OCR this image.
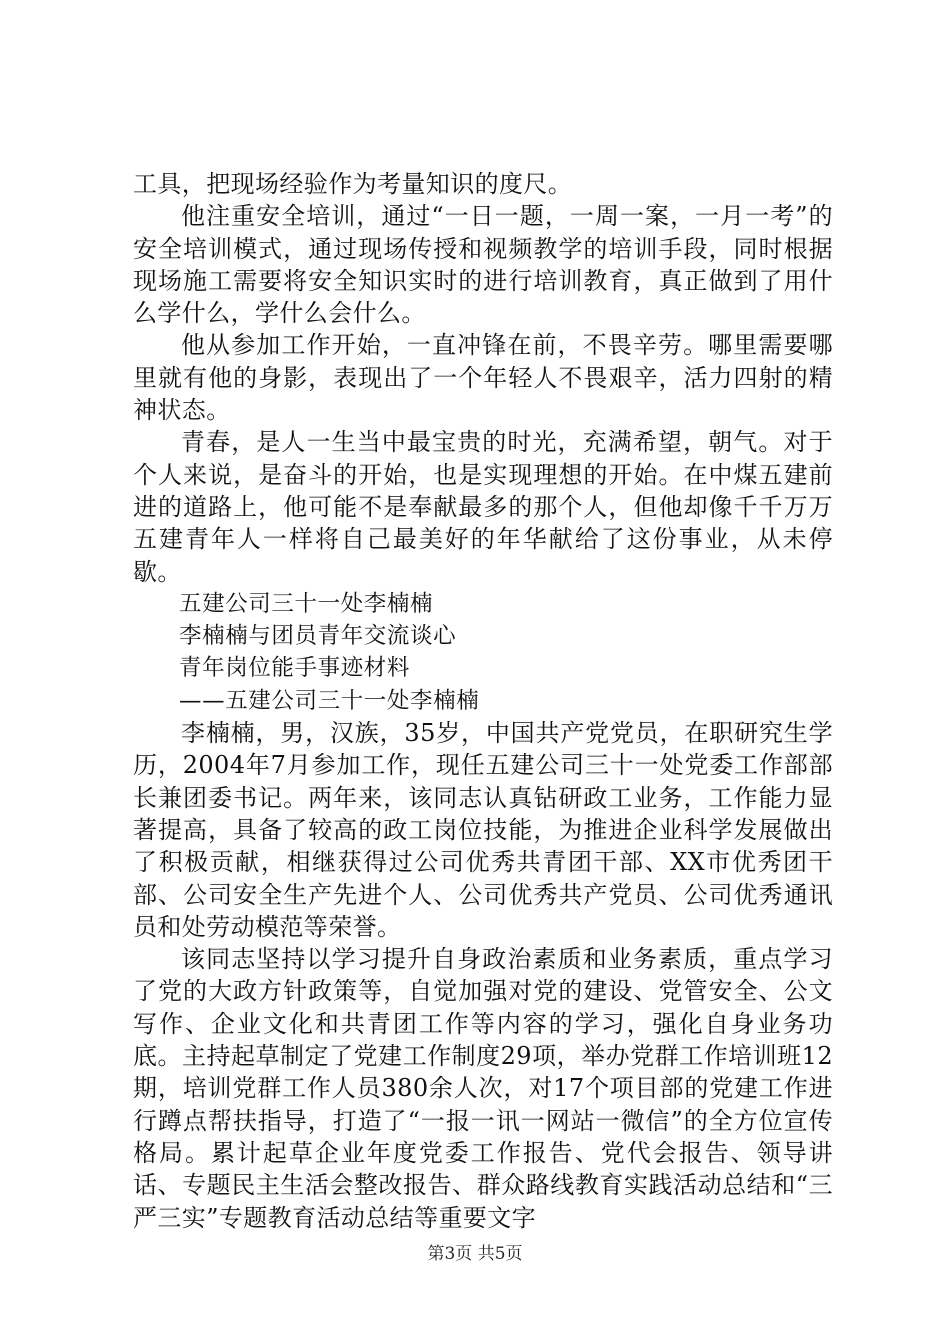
工具，把现场经验作为考量知识的度尺。

他注重安全培训，通过“一日一题，一周一案，一月一考”的安全培训模式，通过现场传授和视频教学的培训手段，同时根据现场施工需要将安全知识实时的进行培训教育，真正做到了用什么学什么，学什么会什么。

他从参加工作开始，一直冲锋在前，不畏辛劳。哪里需要哪里就有他的身影，表现出了一个年轻人不畏艰辛，活力四射的精神状态。

青春，是人一生当中最宝贵的时光，充满希望，朝气。对于个人来说，是奋斗的开始，也是实现理想的开始。在中煤五建前进的道路上，他可能不是奉献最多的那个人，但他却像千千万万五建青年人一样将自己最美好的年华献给了这份事业，从未停歇。

五建公司三十一处李楠楠

李楠楠与团员青年交流谈心

青年岗位能手事迹材料

——五建公司三十一处李楠楠

李楠楠，男，汉族，35岁，中国共产党党员，在职研究生学历，2004年7月参加工作，现任五建公司三十一处党委工作部部长兼团委书记。两年来，该同志认真钻研政工业务，工作能力显著提高，具备了较高的政工岗位技能，为推进企业科学发展做出了积极贡献，相继获得过公司优秀共青团干部、XX市优秀团干部、公司安全生产先进个人、公司优秀共产党员、公司优秀通讯员和处劳动模范等荣誉。

该同志坚持以学习提升自身政治素质和业务素质，重点学习了党的大政方针政策等，自觉加强对党的建设、党管安全、公文写作、企业文化和共青团工作等内容的学习，强化自身业务功底。主持起草制定了党建工作制度29项，举办党群工作培训班12期，培训党群工作人员380余人次，对17个项目部的党建工作进行蹲点帮扶指导，打造了“一报一讯一网站一微信”的全方位宣传格局。累计起草企业年度党委工作报告、党代会报告、领导讲话、专题民主生活会整改报告、群众路线教育实践活动总结和“三严三实”专题教育活动总结等重要文字

第3页 共5页
